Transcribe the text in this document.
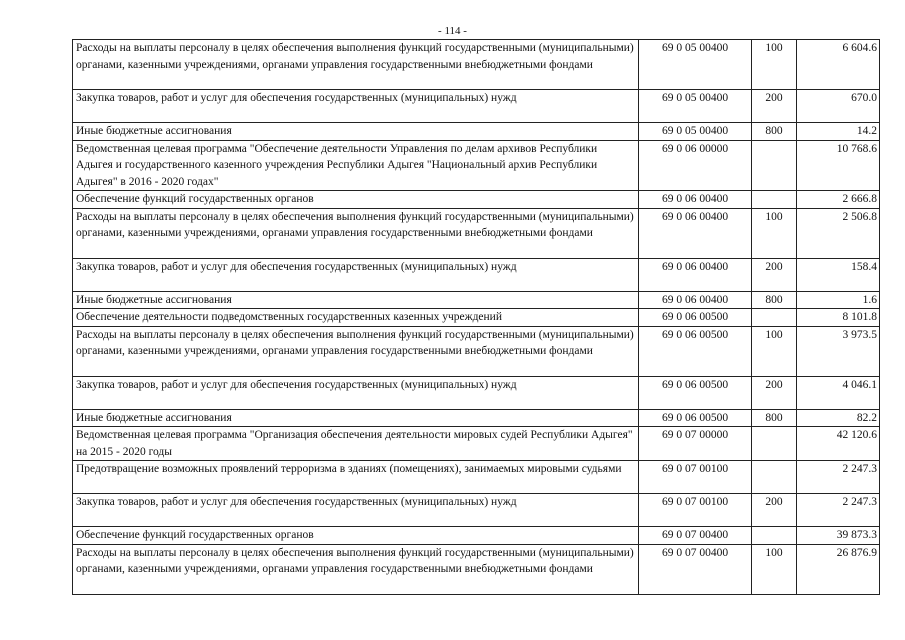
- 114 -
Расходы на выплаты персоналу в целях обеспечения выполнения функций государственными (муниципальными) органами, казенными учреждениями, органами управления государственными внебюджетными фондами	69 0 05 00400	100	6 604.6
Закупка товаров, работ и услуг для обеспечения государственных (муниципальных) нужд	69 0 05 00400	200	670.0
Иные бюджетные ассигнования	69 0 05 00400	800	14.2
Ведомственная целевая программа "Обеспечение деятельности Управления по делам архивов Республики Адыгея и государственного казенного учреждения Республики Адыгея "Национальный архив Республики Адыгея" в 2016 - 2020 годах"	69 0 06 00000		10 768.6
Обеспечение функций государственных органов	69 0 06 00400		2 666.8
Расходы на выплаты персоналу в целях обеспечения выполнения функций государственными (муниципальными) органами, казенными учреждениями, органами управления государственными внебюджетными фондами	69 0 06 00400	100	2 506.8
Закупка товаров, работ и услуг для обеспечения государственных (муниципальных) нужд	69 0 06 00400	200	158.4
Иные бюджетные ассигнования	69 0 06 00400	800	1.6
Обеспечение деятельности подведомственных государственных казенных учреждений	69 0 06 00500		8 101.8
Расходы на выплаты персоналу в целях обеспечения выполнения функций государственными (муниципальными) органами, казенными учреждениями, органами управления государственными внебюджетными фондами	69 0 06 00500	100	3 973.5
Закупка товаров, работ и услуг для обеспечения государственных (муниципальных) нужд	69 0 06 00500	200	4 046.1
Иные бюджетные ассигнования	69 0 06 00500	800	82.2
Ведомственная целевая программа "Организация обеспечения деятельности мировых судей Республики Адыгея" на 2015 - 2020 годы	69 0 07 00000		42 120.6
Предотвращение возможных проявлений терроризма в зданиях (помещениях), занимаемых мировыми судьями	69 0 07 00100		2 247.3
Закупка товаров, работ и услуг для обеспечения государственных (муниципальных) нужд	69 0 07 00100	200	2 247.3
Обеспечение функций государственных органов	69 0 07 00400		39 873.3
Расходы на выплаты персоналу в целях обеспечения выполнения функций государственными (муниципальными) органами, казенными учреждениями, органами управления государственными внебюджетными фондами	69 0 07 00400	100	26 876.9
